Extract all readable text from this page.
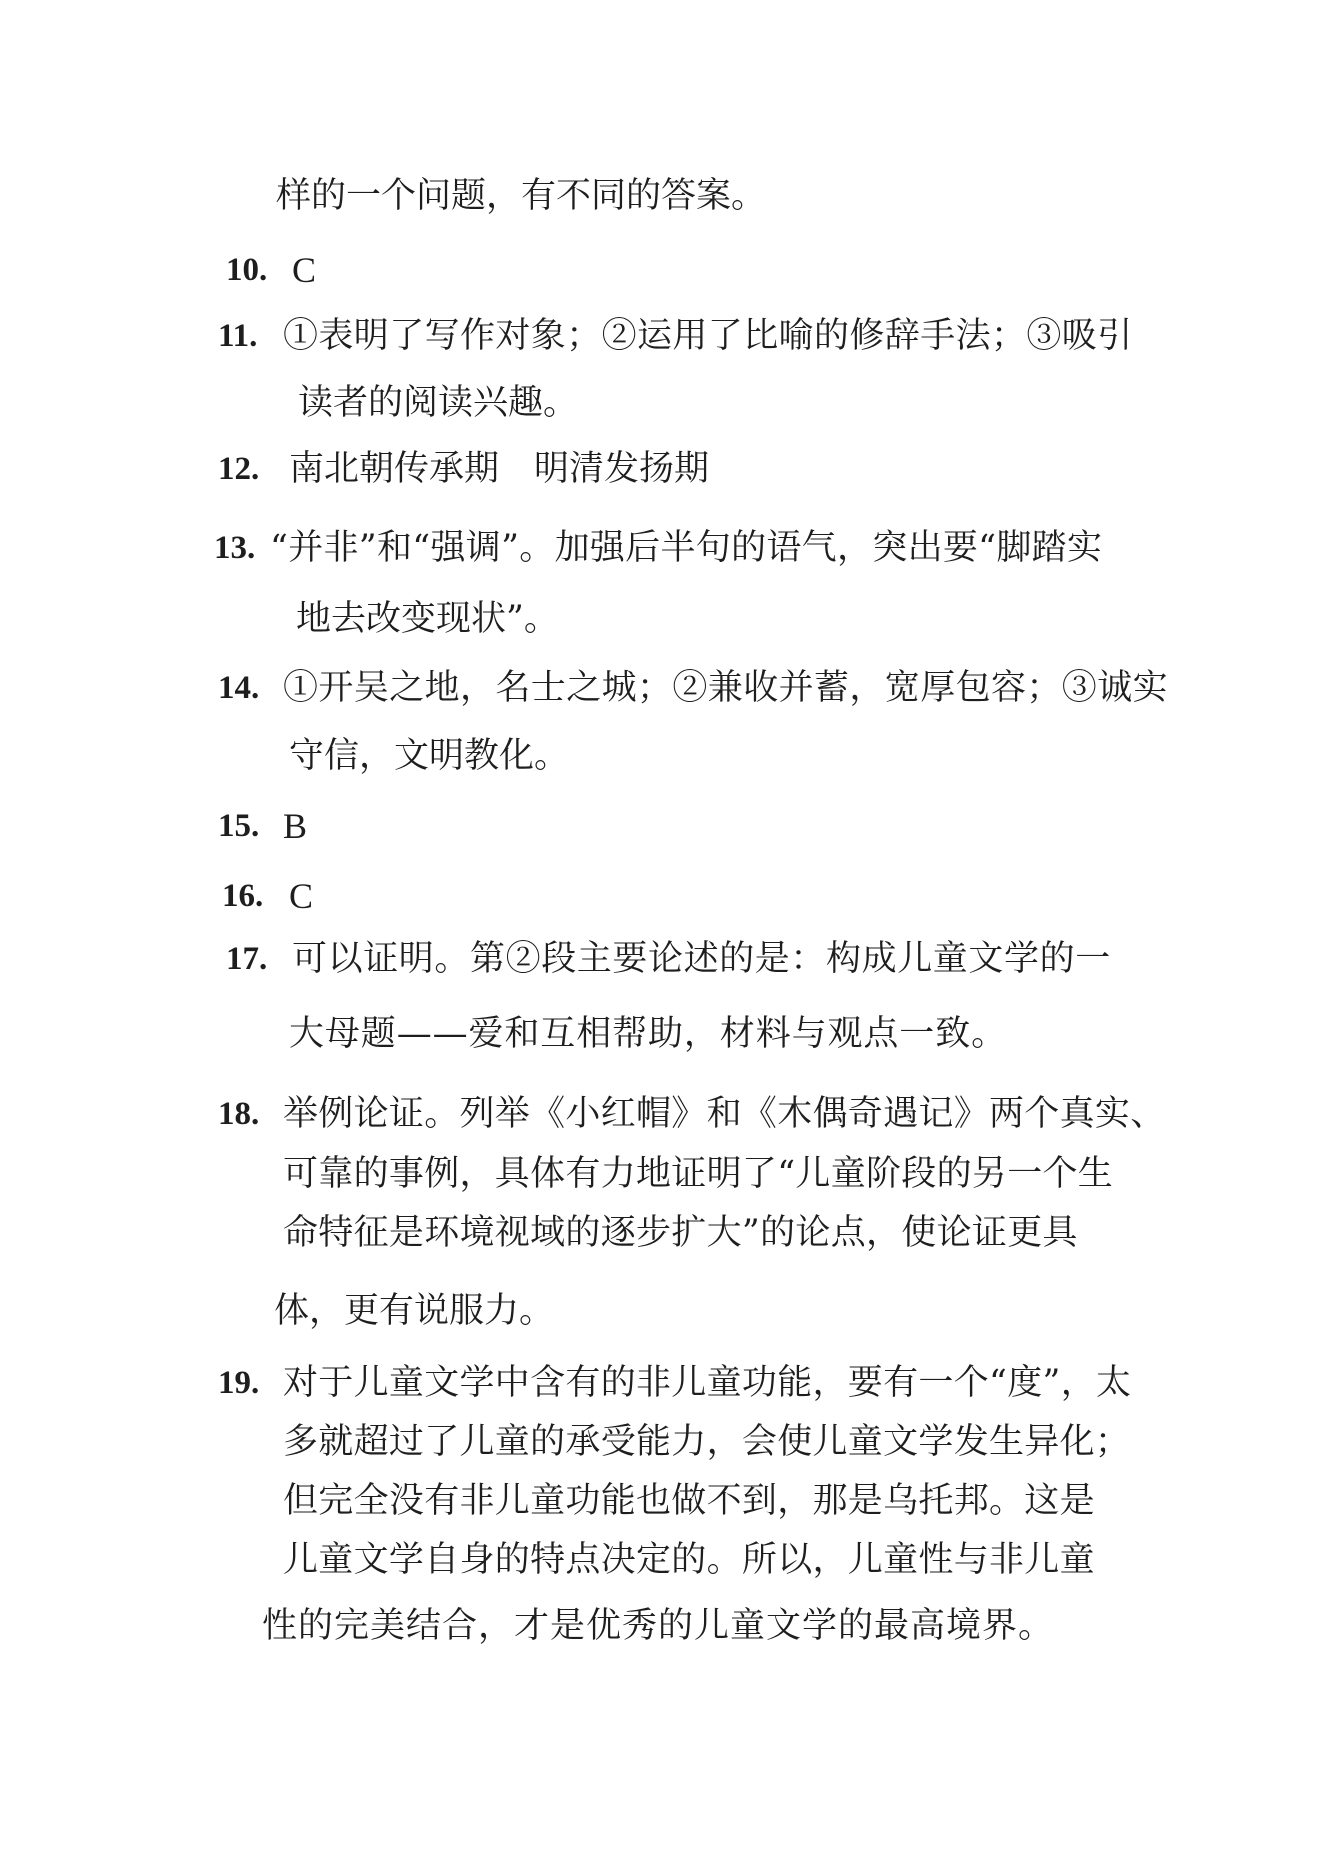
样的一个问题，有不同的答案。
10. C
11. ①表明了写作对象；②运用了比喻的修辞手法；③吸引
读者的阅读兴趣。
12. 南北朝传承期　明清发扬期
13. “并非”和“强调”。加强后半句的语气，突出要“脚踏实
地去改变现状”。
14. ①开吴之地，名士之城；②兼收并蓄，宽厚包容；③诚实
守信，文明教化。
15. B
16. C
17. 可以证明。第②段主要论述的是：构成儿童文学的一
大母题——爱和互相帮助，材料与观点一致。
18. 举例论证。列举《小红帽》和《木偶奇遇记》两个真实、
可靠的事例，具体有力地证明了“儿童阶段的另一个生
命特征是环境视域的逐步扩大”的论点，使论证更具
体，更有说服力。
19. 对于儿童文学中含有的非儿童功能，要有一个“度”，太
多就超过了儿童的承受能力，会使儿童文学发生异化；
但完全没有非儿童功能也做不到，那是乌托邦。这是
儿童文学自身的特点决定的。所以，儿童性与非儿童
性的完美结合，才是优秀的儿童文学的最高境界。
